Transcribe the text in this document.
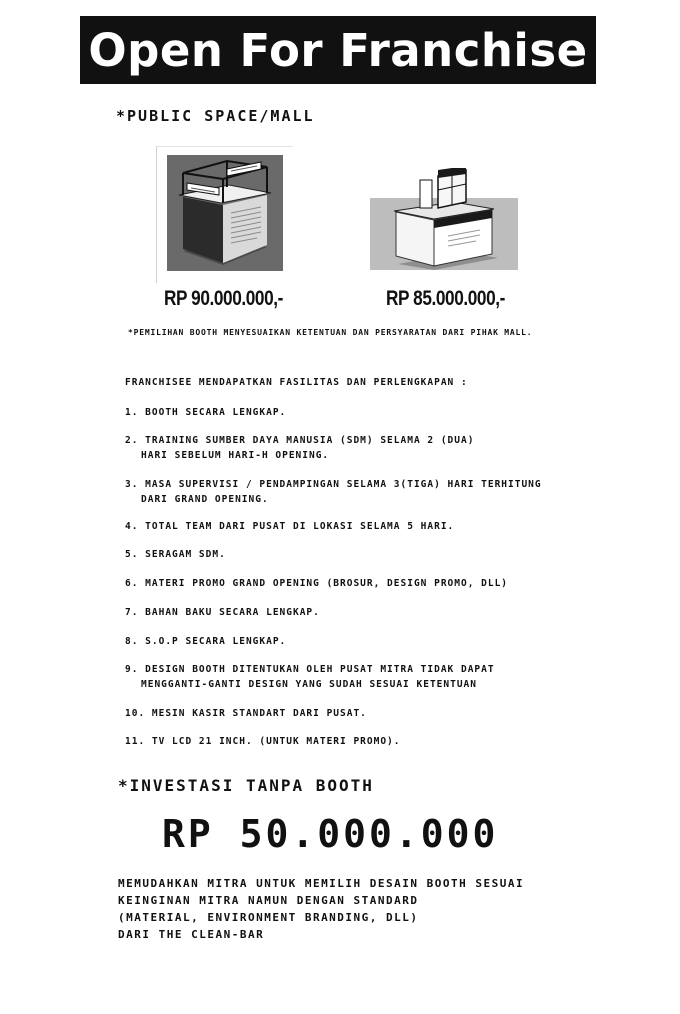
Open For Franchise
*PUBLIC SPACE/MALL
RP 90.000.000,-	RP 85.000.000,-
*PEMILIHAN BOOTH MENYESUAIKAN KETENTUAN DAN PERSYARATAN DARI PIHAK MALL.
FRANCHISEE MENDAPATKAN FASILITAS DAN PERLENGKAPAN :
1. BOOTH SECARA LENGKAP.
2. TRAINING SUMBER DAYA MANUSIA (SDM) SELAMA 2 (DUA)
HARI SEBELUM HARI-H OPENING.
3. MASA SUPERVISI / PENDAMPINGAN SELAMA 3(TIGA) HARI TERHITUNG
DARI GRAND OPENING.
4. TOTAL TEAM DARI PUSAT DI LOKASI SELAMA 5 HARI.
5. SERAGAM SDM.
6. MATERI PROMO GRAND OPENING (BROSUR, DESIGN PROMO, DLL)
7. BAHAN BAKU SECARA LENGKAP.
8. S.O.P SECARA LENGKAP.
9. DESIGN BOOTH DITENTUKAN OLEH PUSAT MITRA TIDAK DAPAT
MENGGANTI-GANTI DESIGN YANG SUDAH SESUAI KETENTUAN
10. MESIN KASIR STANDART DARI PUSAT.
11. TV LCD 21 INCH. (UNTUK MATERI PROMO).
*INVESTASI TANPA BOOTH
RP 50.000.000
MEMUDAHKAN MITRA UNTUK MEMILIH DESAIN BOOTH SESUAI
KEINGINAN MITRA NAMUN DENGAN STANDARD
(MATERIAL, ENVIRONMENT BRANDING, DLL)
DARI THE CLEAN-BAR
